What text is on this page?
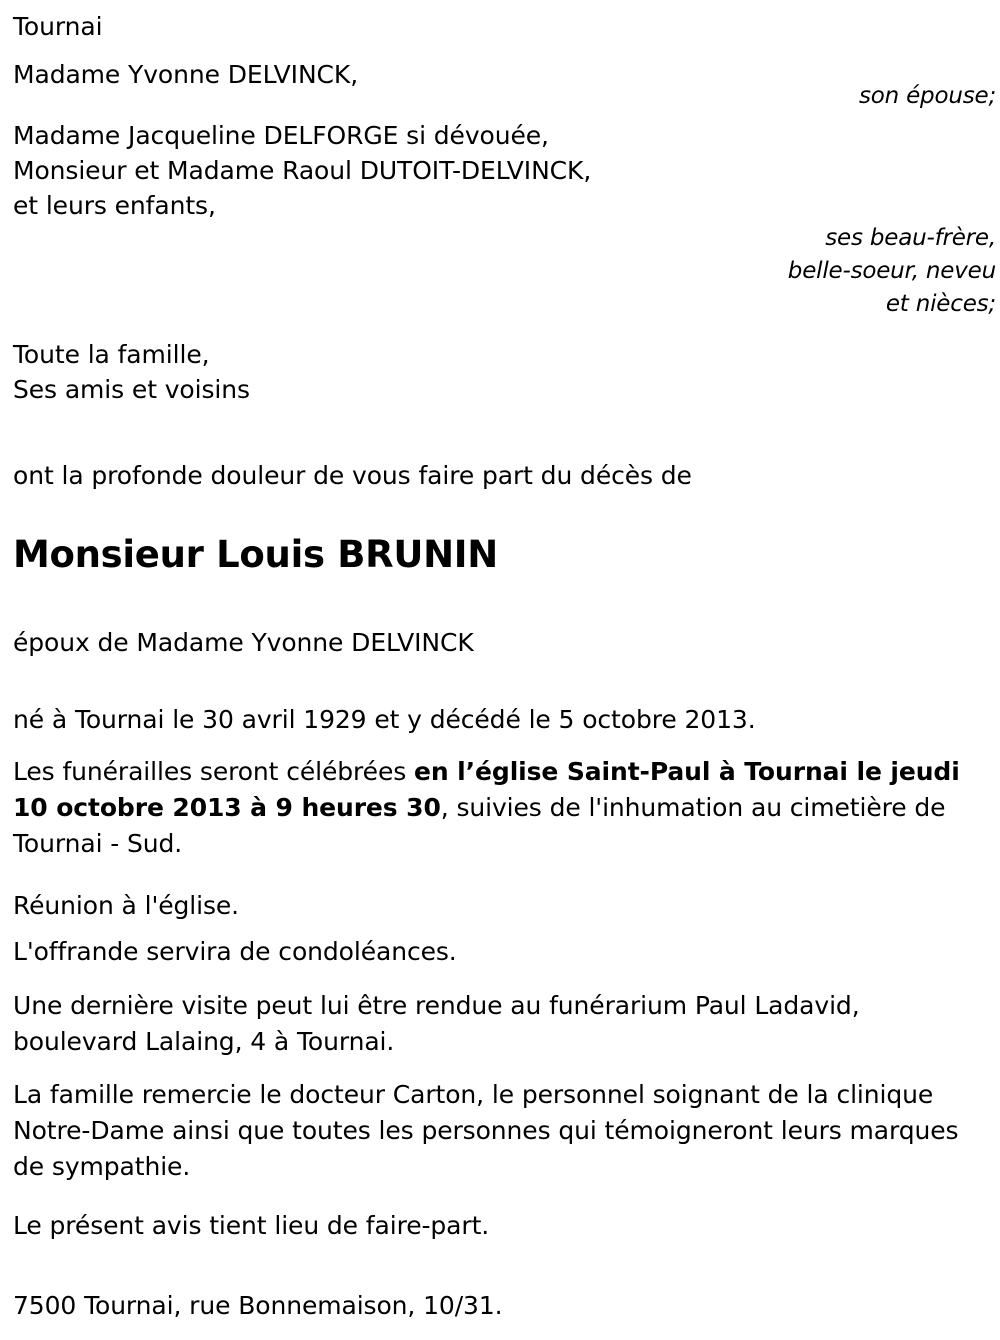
Tournai
Madame Yvonne DELVINCK,
son épouse;
Madame Jacqueline DELFORGE si dévouée,
Monsieur et Madame Raoul DUTOIT-DELVINCK,
et leurs enfants,
ses beau-frère,
belle-soeur, neveu
et nièces;
Toute la famille,
Ses amis et voisins
ont la profonde douleur de vous faire part du décès de
Monsieur Louis BRUNIN
époux de Madame Yvonne DELVINCK
né à Tournai le 30 avril 1929 et y décédé le 5 octobre 2013.

Les funérailles seront célébrées en l’église Saint-Paul à Tournai le jeudi 10 octobre 2013 à 9 heures 30, suivies de l'inhumation au cimetière de Tournai - Sud.

Réunion à l'église.
L'offrande servira de condoléances.

Une dernière visite peut lui être rendue au funérarium Paul Ladavid, boulevard Lalaing, 4 à Tournai.

La famille remercie le docteur Carton, le personnel soignant de la clinique Notre-Dame ainsi que toutes les personnes qui témoigneront leurs marques de sympathie.

Le présent avis tient lieu de faire-part.
7500 Tournai, rue Bonnemaison, 10/31.
